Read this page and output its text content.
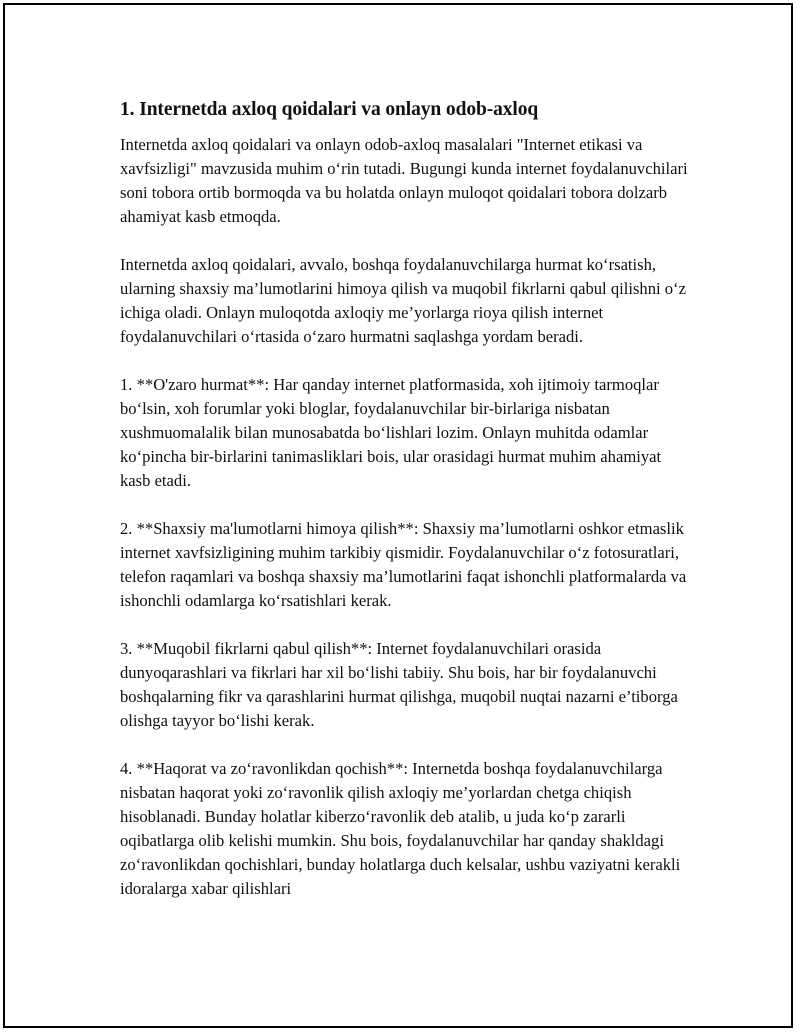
1. Internetda axloq qoidalari va onlayn odob-axloq

Internetda axloq qoidalari va onlayn odob-axloq masalalari "Internet etikasi va xavfsizligi" mavzusida muhim o‘rin tutadi. Bugungi kunda internet foydalanuvchilari soni tobora ortib bormoqda va bu holatda onlayn muloqot qoidalari tobora dolzarb ahamiyat kasb etmoqda.

Internetda axloq qoidalari, avvalo, boshqa foydalanuvchilarga hurmat ko‘rsatish, ularning shaxsiy ma’lumotlarini himoya qilish va muqobil fikrlarni qabul qilishni o‘z ichiga oladi. Onlayn muloqotda axloqiy me’yorlarga rioya qilish internet foydalanuvchilari o‘rtasida o‘zaro hurmatni saqlashga yordam beradi.

1. **O'zaro hurmat**: Har qanday internet platformasida, xoh ijtimoiy tarmoqlar bo‘lsin, xoh forumlar yoki bloglar, foydalanuvchilar bir-birlariga nisbatan xushmuomalalik bilan munosabatda bo‘lishlari lozim. Onlayn muhitda odamlar ko‘pincha bir-birlarini tanimasliklari bois, ular orasidagi hurmat muhim ahamiyat kasb etadi.

2. **Shaxsiy ma'lumotlarni himoya qilish**: Shaxsiy ma’lumotlarni oshkor etmaslik internet xavfsizligining muhim tarkibiy qismidir. Foydalanuvchilar o‘z fotosuratlari, telefon raqamlari va boshqa shaxsiy ma’lumotlarini faqat ishonchli platformalarda va ishonchli odamlarga ko‘rsatishlari kerak.

3. **Muqobil fikrlarni qabul qilish**: Internet foydalanuvchilari orasida dunyoqarashlari va fikrlari har xil bo‘lishi tabiiy. Shu bois, har bir foydalanuvchi boshqalarning fikr va qarashlarini hurmat qilishga, muqobil nuqtai nazarni e’tiborga olishga tayyor bo‘lishi kerak.

4. **Haqorat va zo‘ravonlikdan qochish**: Internetda boshqa foydalanuvchilarga nisbatan haqorat yoki zo‘ravonlik qilish axloqiy me’yorlardan chetga chiqish hisoblanadi. Bunday holatlar kiberzo‘ravonlik deb atalib, u juda ko‘p zararli oqibatlarga olib kelishi mumkin. Shu bois, foydalanuvchilar har qanday shakldagi zo‘ravonlikdan qochishlari, bunday holatlarga duch kelsalar, ushbu vaziyatni kerakli idoralarga xabar qilishlari
